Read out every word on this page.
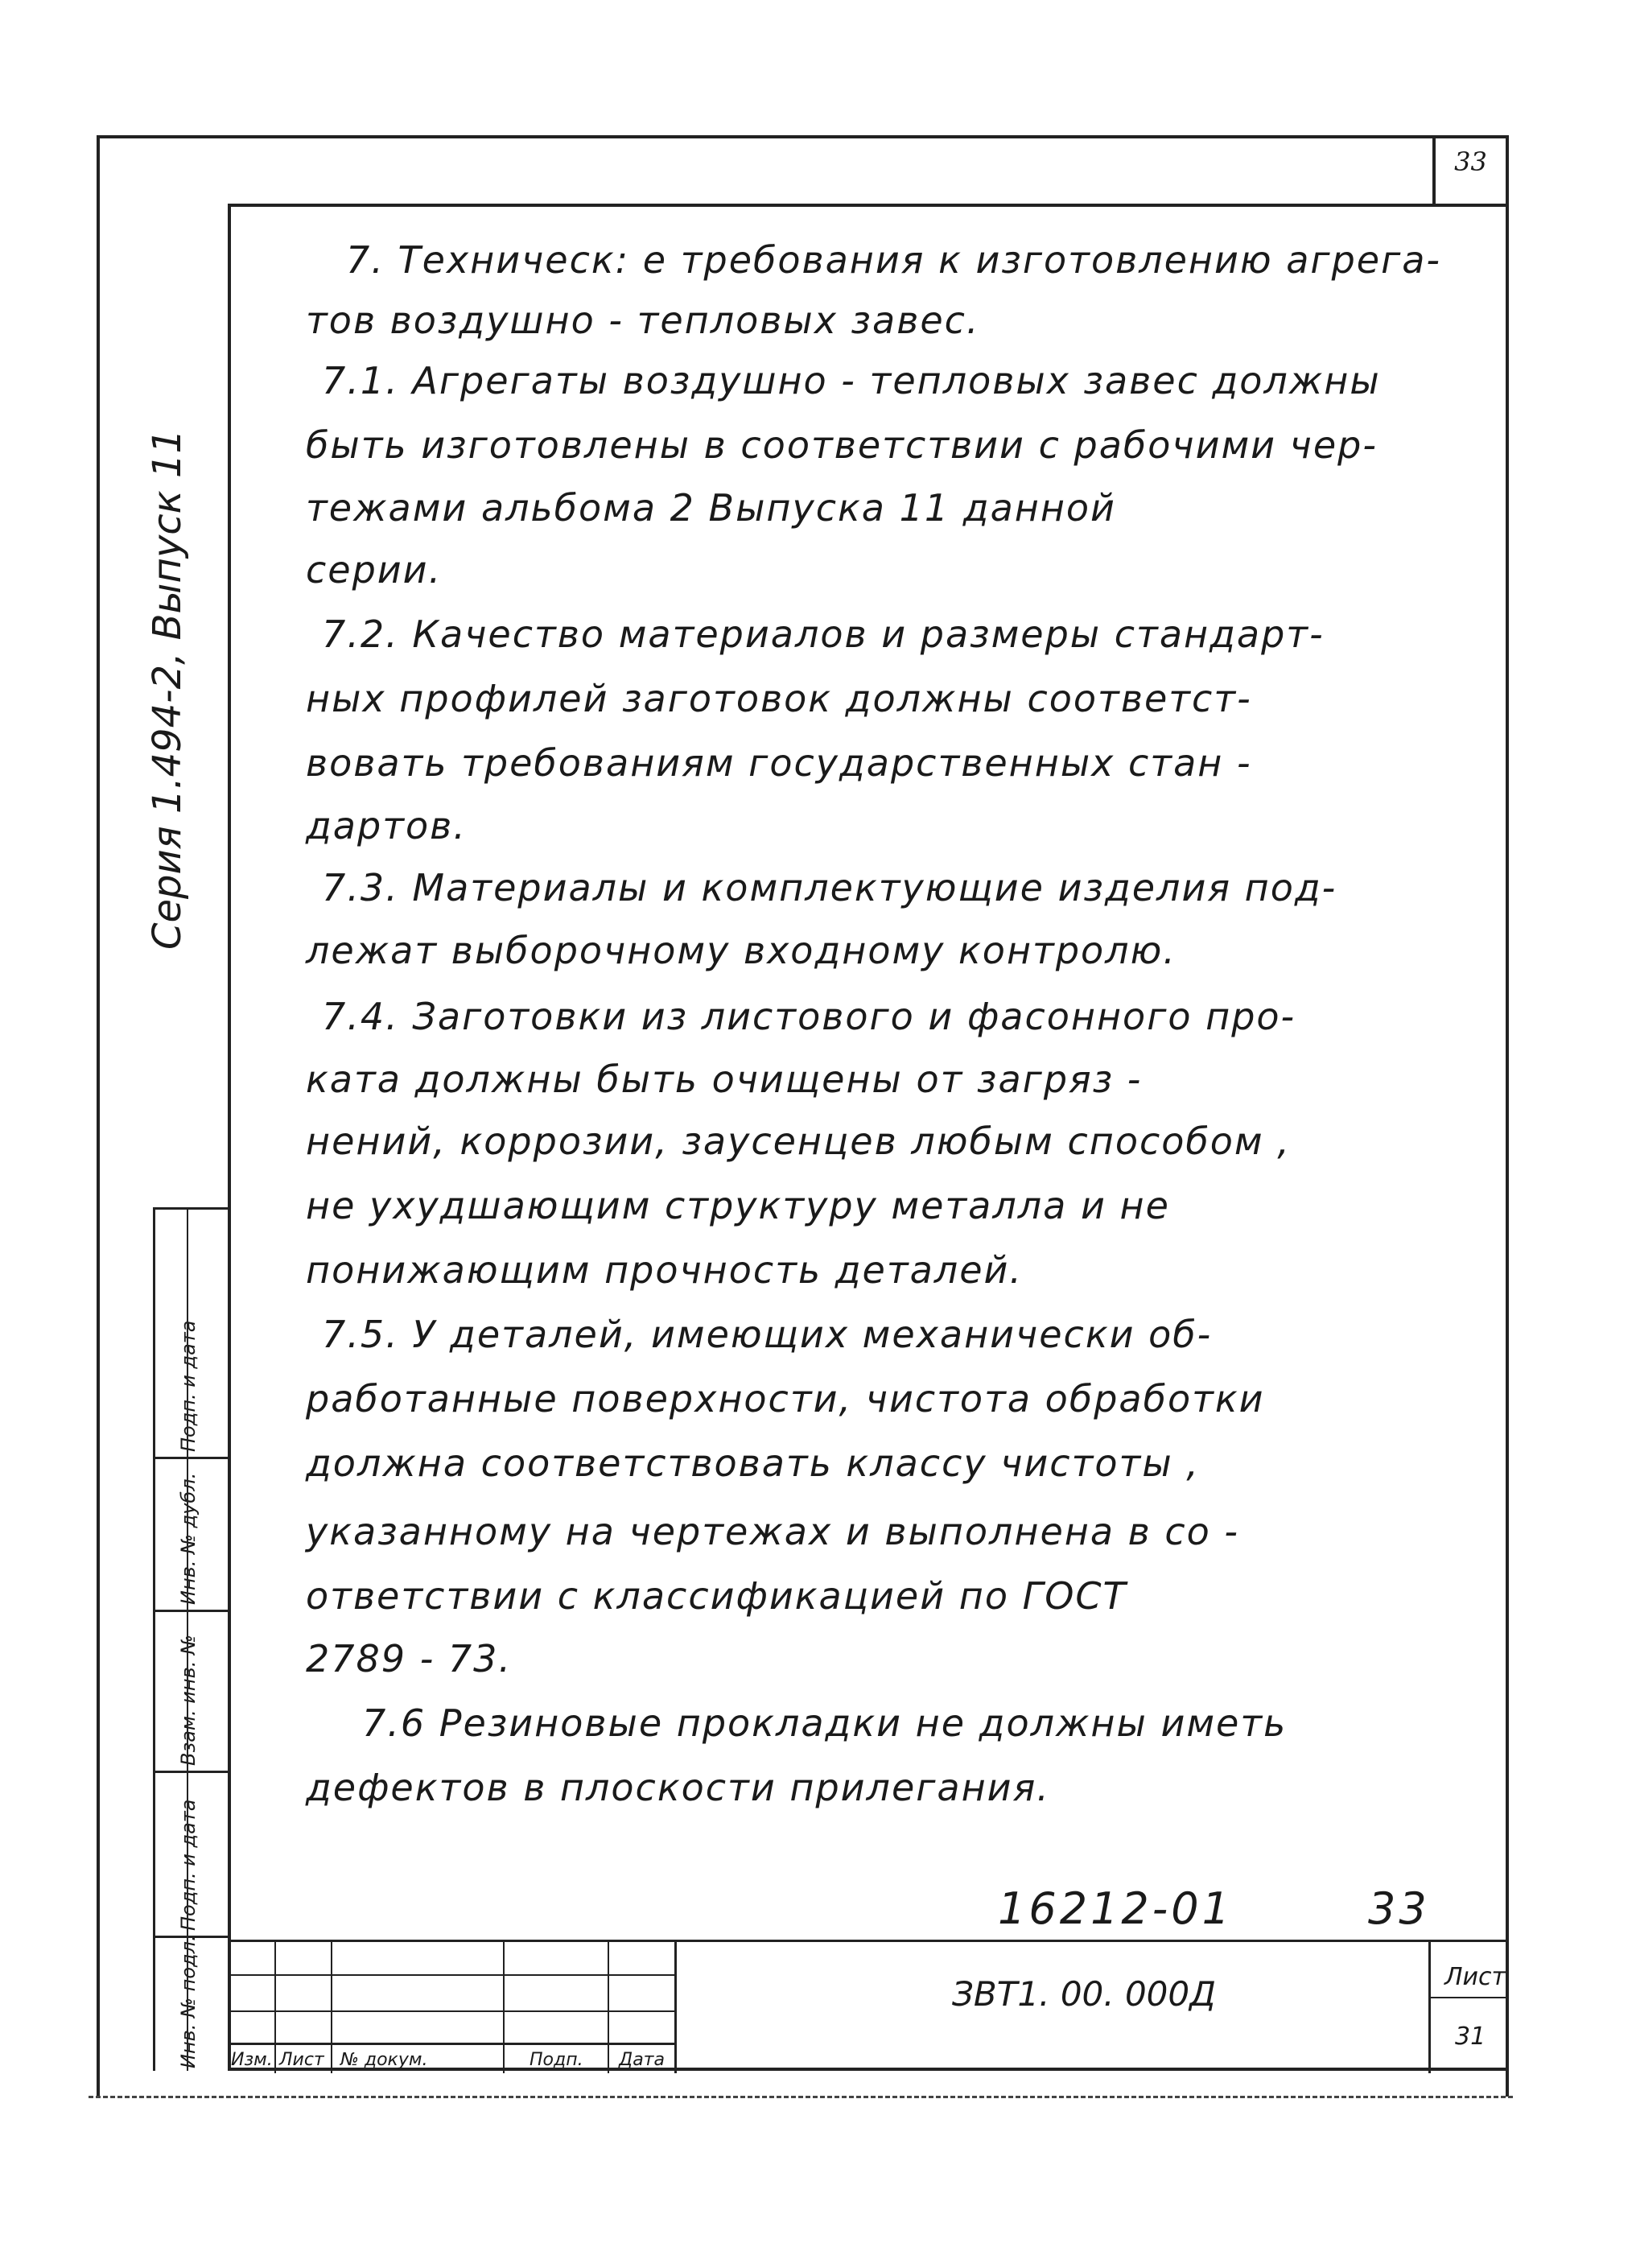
33
Серия 1.494-2, Выпуск 11
Подп. и дата
Инв. № дубл.
Взам. инв. №
Подп. и дата
Инв. № подл.
7. Техническ: е требования к изготовлению агрега-
тов воздушно - тепловых завес.
7.1. Агрегаты воздушно - тепловых завес должны
быть изготовлены в соответствии с рабочими чер-
тежами альбома 2 Выпуска 11 данной
серии.
7.2. Качество материалов и размеры стандарт-
ных профилей заготовок должны соответст-
вовать требованиям государственных стан -
дартов.
7.3. Материалы и комплектующие изделия под-
лежат выборочному входному контролю.
7.4. Заготовки из листового и фасонного про-
ката должны быть очищены от загряз -
нений, коррозии, заусенцев любым способом ,
не ухудшающим структуру металла и не
понижающим прочность деталей.
7.5. У деталей, имеющих механически об-
работанные поверхности, чистота обработки
должна соответствовать классу чистоты ,
указанному на чертежах и выполнена в со -
ответствии с классификацией по ГОСТ
2789 - 73.
7.6 Резиновые прокладки не должны иметь
дефектов в плоскости прилегания.
16212-01	33
Изм. Лист № докум.	Подп. Дата
ЗВТ1. 00. 000Д	Лист
31
